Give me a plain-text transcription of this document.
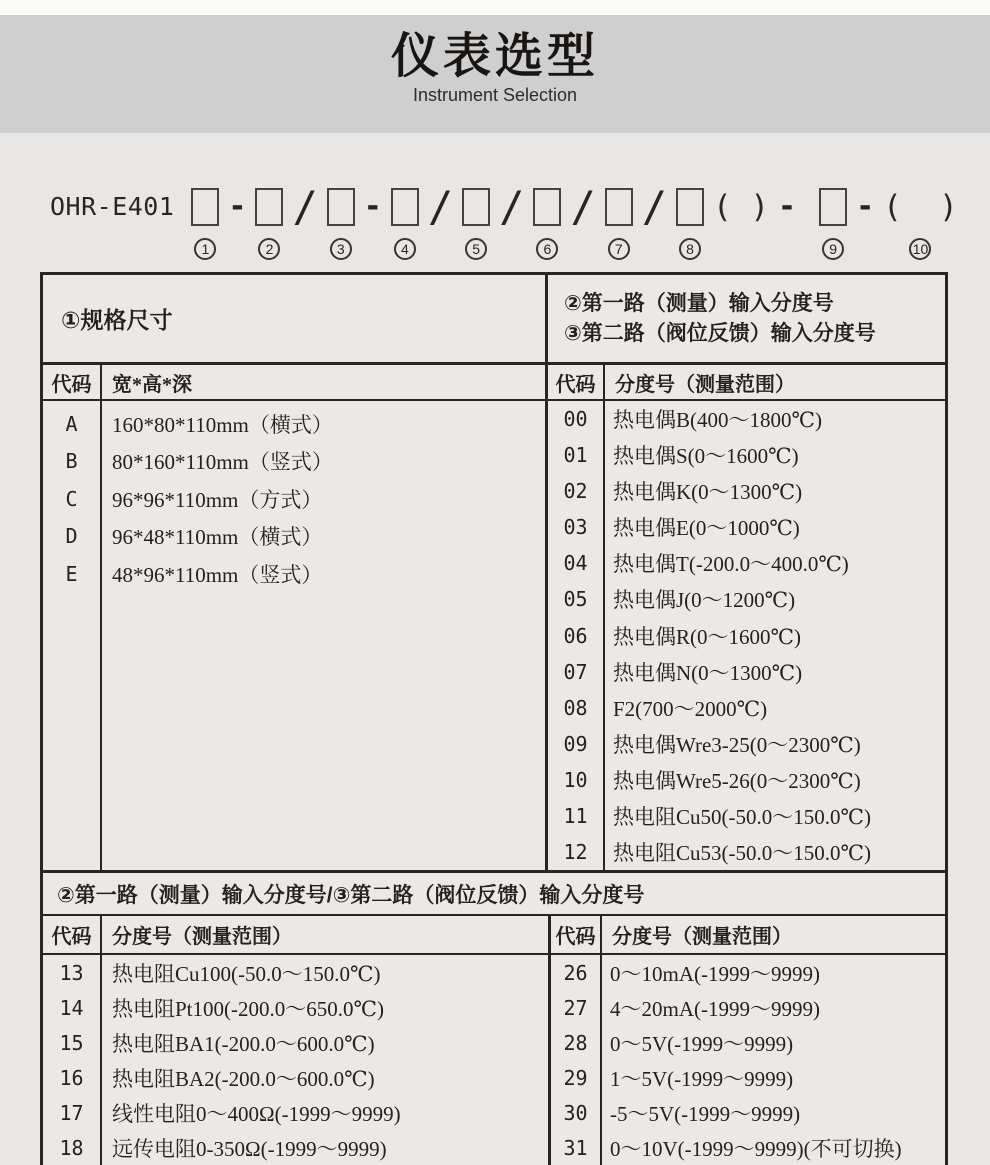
仪表选型
Instrument Selection
OHR-E401
1
-
2
/
3
-
4
/
5
/
6
/
7
/
8
( ) -
9
- (  )
10
①规格尺寸
②第一路（测量）输入分度号
③第二路（阀位反馈）输入分度号
代码	宽*高*深	代码 分度号（测量范围）
A	160*80*110mm（横式）
B	80*160*110mm（竖式）
C	96*96*110mm（方式）
D	96*48*110mm（横式）
E	48*96*110mm（竖式）
00	热电偶B(400～1800℃)
01	热电偶S(0～1600℃)
02	热电偶K(0～1300℃)
03	热电偶E(0～1000℃)
04	热电偶T(-200.0～400.0℃)
05	热电偶J(0～1200℃)
06	热电偶R(0～1600℃)
07	热电偶N(0～1300℃)
08	F2(700～2000℃)
09	热电偶Wre3-25(0～2300℃)
10	热电偶Wre5-26(0～2300℃)
11	热电阻Cu50(-50.0～150.0℃)
12	热电阻Cu53(-50.0～150.0℃)
②第一路（测量）输入分度号/③第二路（阀位反馈）输入分度号
代码	分度号（测量范围）	代码 分度号（测量范围）
13	热电阻Cu100(-50.0～150.0℃)
14	热电阻Pt100(-200.0～650.0℃)
15	热电阻BA1(-200.0～600.0℃)
16	热电阻BA2(-200.0～600.0℃)
17	线性电阻0～400Ω(-1999～9999)
18	远传电阻0-350Ω(-1999～9999)
26	0～10mA(-1999～9999)
27	4～20mA(-1999～9999)
28	0～5V(-1999～9999)
29	1～5V(-1999～9999)
30	-5～5V(-1999～9999)
31	0～10V(-1999～9999)(不可切换)
